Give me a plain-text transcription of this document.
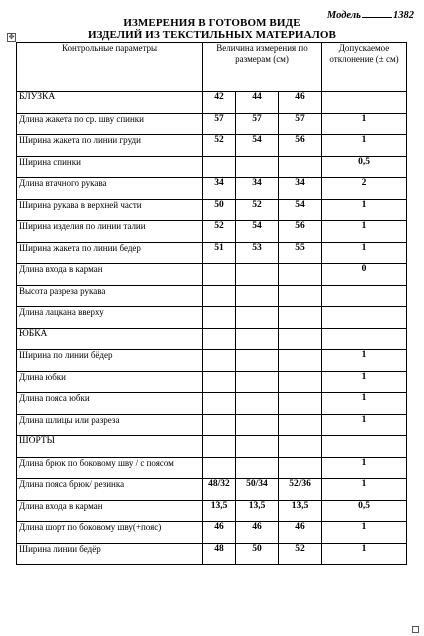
Модель	1382
ИЗМЕРЕНИЯ В ГОТОВОМ ВИДЕ
ИЗДЕЛИЙ ИЗ ТЕКСТИЛЬНЫХ МАТЕРИАЛОВ
✥
Контрольные параметры	Величина измерения по размерам (см)			Допускаемое отклонение (± см)
БЛУЗКА	42	44	46	
Длина жакета по ср. шву спинки	57	57	57	1
Ширина жакета по линии груди	52	54	56	1
Ширина спинки				0,5
Длина втачного рукава	34	34	34	2
Ширина рукава в верхней части	50	52	54	1
Ширина изделия по линии талии	52	54	56	1
Ширина жакета по линии бедер	51	53	55	1
Длина входа в карман				0
Высота разреза рукава				
Длина лацкана вверху				
ЮБКА				
Ширина по линии бёдер				1
Длина юбки				1
Длина пояса юбки				1
Длина шлицы или разреза				1
ШОРТЫ				
Длина брюк по боковому шву / с поясом				1
Длина пояса брюк/ резинка	48/32	50/34	52/36	1
Длина входа в карман	13,5	13,5	13,5	0,5
Длина шорт по боковому шву(+пояс)	46	46	46	1
Ширина линии бедёр	48	50	52	1
